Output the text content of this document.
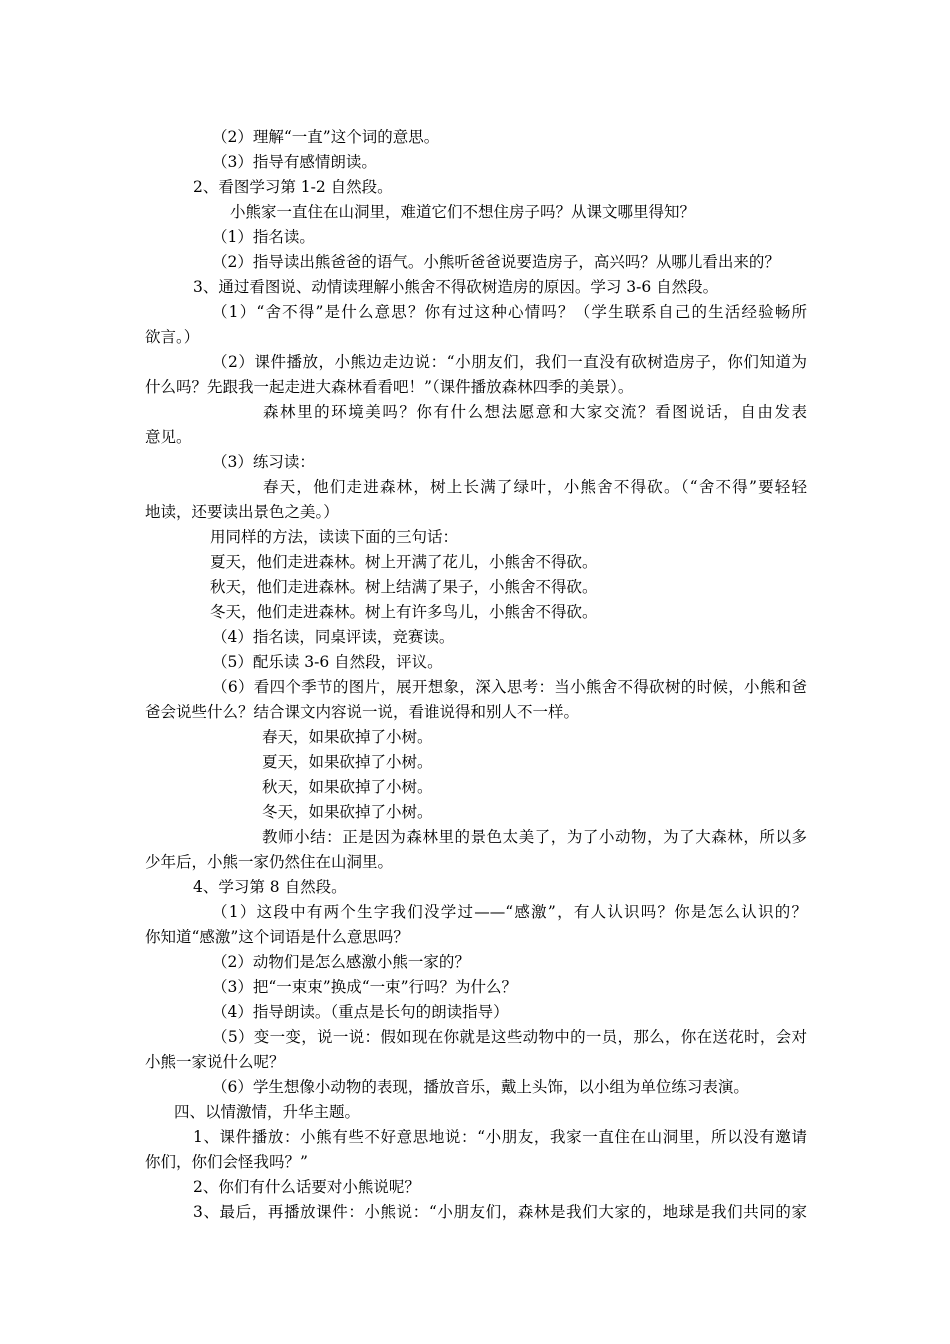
（2）理解“一直”这个词的意思。
（3）指导有感情朗读。
2、看图学习第 1-2 自然段。
小熊家一直住在山洞里，难道它们不想住房子吗？从课文哪里得知？
（1）指名读。
（2）指导读出熊爸爸的语气。小熊听爸爸说要造房子，高兴吗？从哪儿看出来的？
3、通过看图说、动情读理解小熊舍不得砍树造房的原因。学习 3-6 自然段。
（1）“舍不得”是什么意思？你有过这种心情吗？（学生联系自己的生活经验畅所
欲言。）
（2）课件播放，小熊边走边说：“小朋友们，我们一直没有砍树造房子，你们知道为
什么吗？先跟我一起走进大森林看看吧！”（课件播放森林四季的美景）。
森林里的环境美吗？你有什么想法愿意和大家交流？看图说话，自由发表
意见。
（3）练习读：
春天，他们走进森林，树上长满了绿叶，小熊舍不得砍。（“舍不得”要轻轻
地读，还要读出景色之美。）
用同样的方法，读读下面的三句话：
夏天，他们走进森林。树上开满了花儿，小熊舍不得砍。
秋天，他们走进森林。树上结满了果子，小熊舍不得砍。
冬天，他们走进森林。树上有许多鸟儿，小熊舍不得砍。
（4）指名读，同桌评读，竞赛读。
（5）配乐读 3-6 自然段，评议。
（6）看四个季节的图片，展开想象，深入思考：当小熊舍不得砍树的时候，小熊和爸
爸会说些什么？结合课文内容说一说，看谁说得和别人不一样。
春天，如果砍掉了小树。
夏天，如果砍掉了小树。
秋天，如果砍掉了小树。
冬天，如果砍掉了小树。
教师小结：正是因为森林里的景色太美了，为了小动物，为了大森林，所以多
少年后，小熊一家仍然住在山洞里。
4、学习第 8 自然段。
（1）这段中有两个生字我们没学过——“感激”，有人认识吗？你是怎么认识的？
你知道“感激”这个词语是什么意思吗？
（2）动物们是怎么感激小熊一家的？
（3）把“一束束”换成“一束”行吗？为什么？
（4）指导朗读。（重点是长句的朗读指导）
（5）变一变，说一说：假如现在你就是这些动物中的一员，那么，你在送花时，会对
小熊一家说什么呢？
（6）学生想像小动物的表现，播放音乐，戴上头饰，以小组为单位练习表演。
四、以情激情，升华主题。
1、课件播放：小熊有些不好意思地说：“小朋友，我家一直住在山洞里，所以没有邀请
你们，你们会怪我吗？”
2、你们有什么话要对小熊说呢？
3、最后，再播放课件：小熊说：“小朋友们，森林是我们大家的，地球是我们共同的家
